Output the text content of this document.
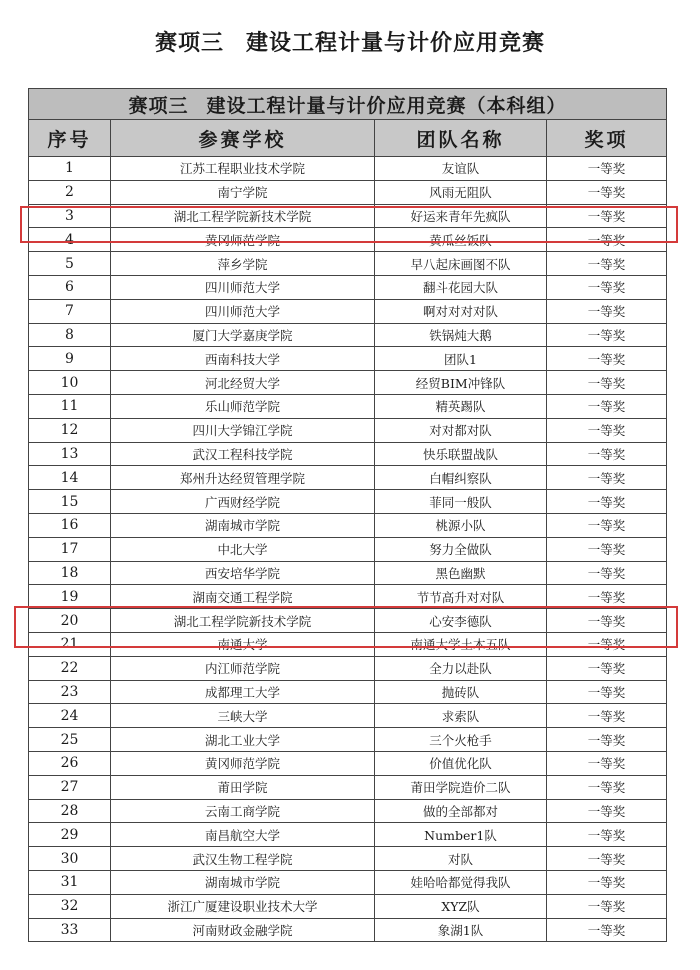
赛项三 建设工程计量与计价应用竞赛
赛项三 建设工程计量与计价应用竞赛（本科组）			
序号	参赛学校	团队名称	奖项
1	江苏工程职业技术学院	友谊队	一等奖
2	南宁学院	风雨无阻队	一等奖
3	湖北工程学院新技术学院	好运来青年先疯队	一等奖
4	黄冈师范学院	黄瓜丝饭队	一等奖
5	萍乡学院	早八起床画图不队	一等奖
6	四川师范大学	翻斗花园大队	一等奖
7	四川师范大学	啊对对对对队	一等奖
8	厦门大学嘉庚学院	铁锅炖大鹅	一等奖
9	西南科技大学	团队1	一等奖
10	河北经贸大学	经贸BIM冲锋队	一等奖
11	乐山师范学院	精英踢队	一等奖
12	四川大学锦江学院	对对都对队	一等奖
13	武汉工程科技学院	快乐联盟战队	一等奖
14	郑州升达经贸管理学院	白帽纠察队	一等奖
15	广西财经学院	菲同一般队	一等奖
16	湖南城市学院	桃源小队	一等奖
17	中北大学	努力全做队	一等奖
18	西安培华学院	黑色幽默	一等奖
19	湖南交通工程学院	节节高升对对队	一等奖
20	湖北工程学院新技术学院	心安李德队	一等奖
21	南通大学	南通大学土木五队	一等奖
22	内江师范学院	全力以赴队	一等奖
23	成都理工大学	抛砖队	一等奖
24	三峡大学	求索队	一等奖
25	湖北工业大学	三个火枪手	一等奖
26	黄冈师范学院	价值优化队	一等奖
27	莆田学院	莆田学院造价二队	一等奖
28	云南工商学院	做的全部都对	一等奖
29	南昌航空大学	Number1队	一等奖
30	武汉生物工程学院	对队	一等奖
31	湖南城市学院	娃哈哈都觉得我队	一等奖
32	浙江广厦建设职业技术大学	XYZ队	一等奖
33	河南财政金融学院	象湖1队	一等奖
